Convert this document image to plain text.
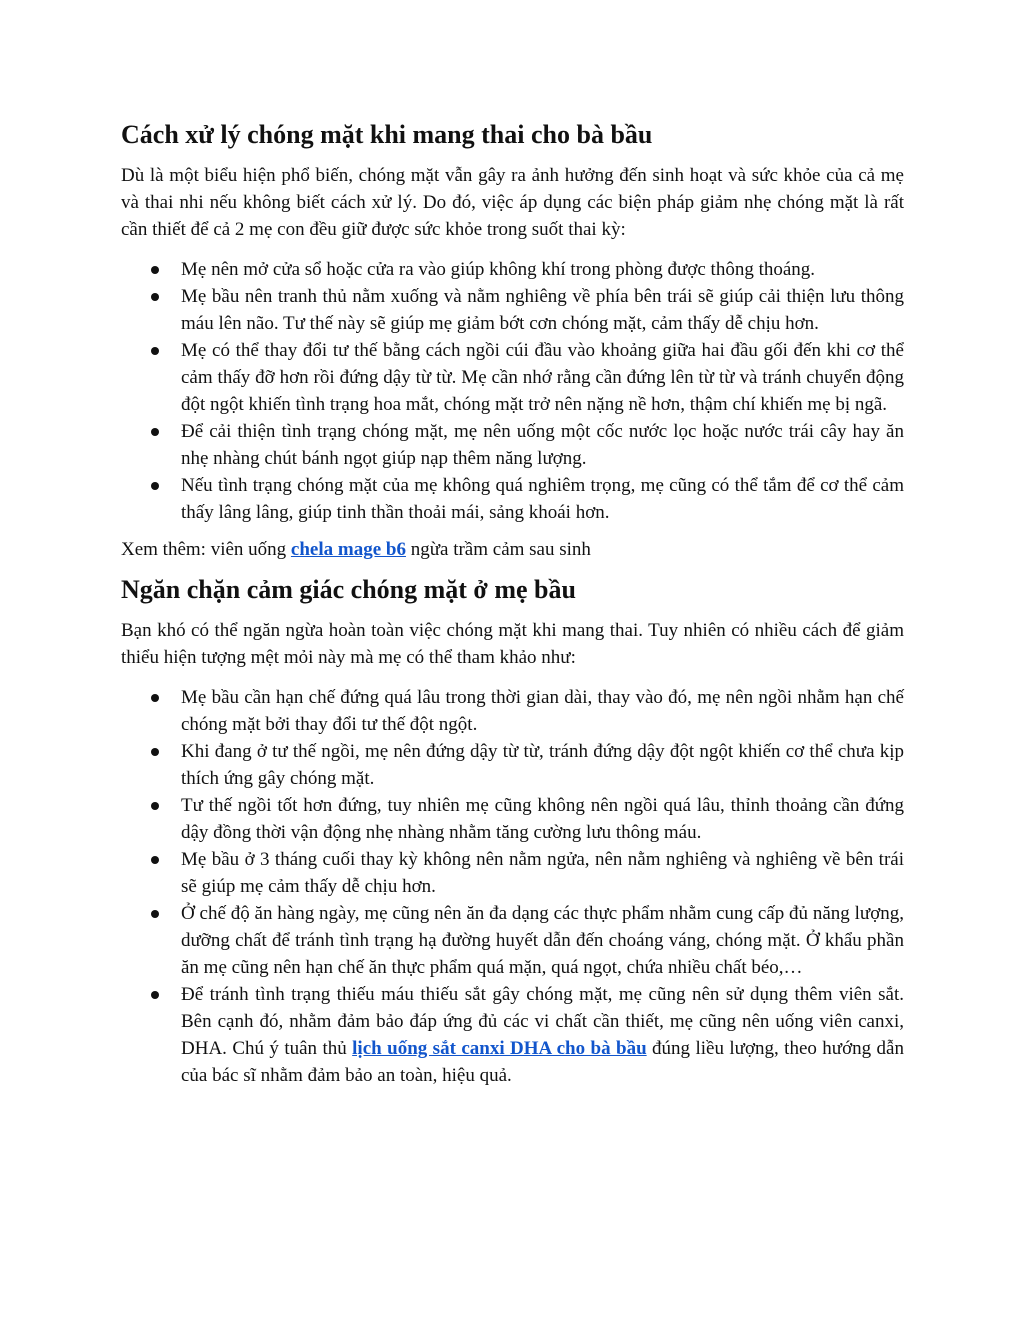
Cách xử lý chóng mặt khi mang thai cho bà bầu

Dù là một biểu hiện phổ biến, chóng mặt vẫn gây ra ảnh hưởng đến sinh hoạt và sức khỏe của cả mẹ và thai nhi nếu không biết cách xử lý. Do đó, việc áp dụng các biện pháp giảm nhẹ chóng mặt là rất cần thiết để cả 2 mẹ con đều giữ được sức khỏe trong suốt thai kỳ:

Mẹ nên mở cửa sổ hoặc cửa ra vào giúp không khí trong phòng được thông thoáng.
Mẹ bầu nên tranh thủ nằm xuống và nằm nghiêng về phía bên trái sẽ giúp cải thiện lưu thông máu lên não. Tư thế này sẽ giúp mẹ giảm bớt cơn chóng mặt, cảm thấy dễ chịu hơn.
Mẹ có thể thay đổi tư thế bằng cách ngồi cúi đầu vào khoảng giữa hai đầu gối đến khi cơ thể cảm thấy đỡ hơn rồi đứng dậy từ từ. Mẹ cần nhớ rằng cần đứng lên từ từ và tránh chuyển động đột ngột khiến tình trạng hoa mắt, chóng mặt trở nên nặng nề hơn, thậm chí khiến mẹ bị ngã.
Để cải thiện tình trạng chóng mặt, mẹ nên uống một cốc nước lọc hoặc nước trái cây hay ăn nhẹ nhàng chút bánh ngọt giúp nạp thêm năng lượng.
Nếu tình trạng chóng mặt của mẹ không quá nghiêm trọng, mẹ cũng có thể tắm để cơ thể cảm thấy lâng lâng, giúp tinh thần thoải mái, sảng khoái hơn.

Xem thêm: viên uống chela mage b6 ngừa trầm cảm sau sinh

Ngăn chặn cảm giác chóng mặt ở mẹ bầu

Bạn khó có thể ngăn ngừa hoàn toàn việc chóng mặt khi mang thai. Tuy nhiên có nhiều cách để giảm thiểu hiện tượng mệt mỏi này mà mẹ có thể tham khảo như:

Mẹ bầu cần hạn chế đứng quá lâu trong thời gian dài, thay vào đó, mẹ nên ngồi nhằm hạn chế chóng mặt bởi thay đổi tư thế đột ngột.
Khi đang ở tư thế ngồi, mẹ nên đứng dậy từ từ, tránh đứng dậy đột ngột khiến cơ thể chưa kịp thích ứng gây chóng mặt.
Tư thế ngồi tốt hơn đứng, tuy nhiên mẹ cũng không nên ngồi quá lâu, thỉnh thoảng cần đứng dậy đồng thời vận động nhẹ nhàng nhằm tăng cường lưu thông máu.
Mẹ bầu ở 3 tháng cuối thay kỳ không nên nằm ngửa, nên nằm nghiêng và nghiêng về bên trái sẽ giúp mẹ cảm thấy dễ chịu hơn.
Ở chế độ ăn hàng ngày, mẹ cũng nên ăn đa dạng các thực phẩm nhằm cung cấp đủ năng lượng, dưỡng chất để tránh tình trạng hạ đường huyết dẫn đến choáng váng, chóng mặt. Ở khẩu phần ăn mẹ cũng nên hạn chế ăn thực phẩm quá mặn, quá ngọt, chứa nhiều chất béo,…
Để tránh tình trạng thiếu máu thiếu sắt gây chóng mặt, mẹ cũng nên sử dụng thêm viên sắt. Bên cạnh đó, nhằm đảm bảo đáp ứng đủ các vi chất cần thiết, mẹ cũng nên uống viên canxi, DHA. Chú ý tuân thủ lịch uống sắt canxi DHA cho bà bầu đúng liều lượng, theo hướng dẫn của bác sĩ nhằm đảm bảo an toàn, hiệu quả.
